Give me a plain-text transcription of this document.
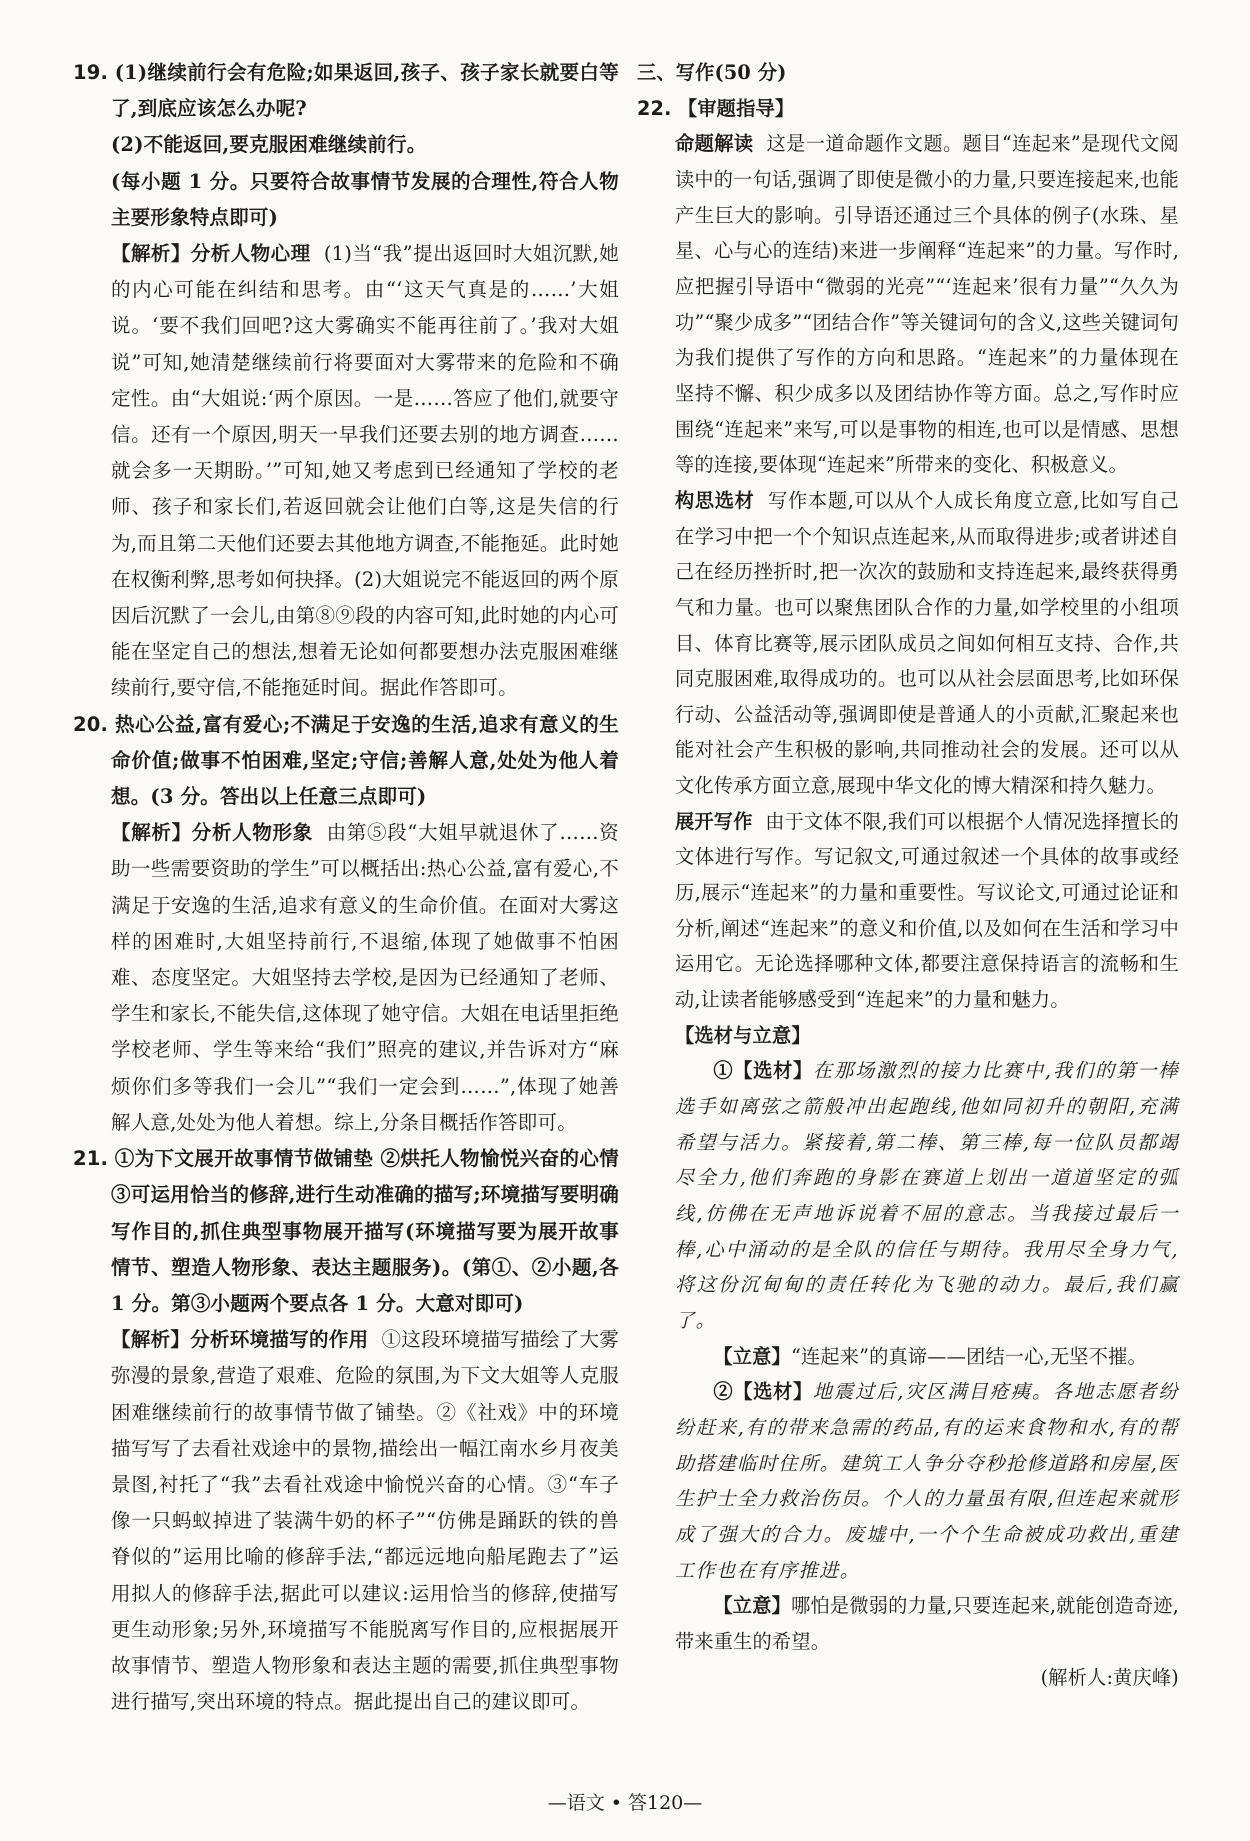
19. (1)继续前行会有危险;如果返回,孩子、孩子家长就要白等了,到底应该怎么办呢?

(2)不能返回,要克服困难继续前行。

(每小题 1 分。只要符合故事情节发展的合理性,符合人物主要形象特点即可)

【解析】分析人物心理 (1)当“我”提出返回时大姐沉默,她的内心可能在纠结和思考。由“‘这天气真是的……’大姐说。‘要不我们回吧?这大雾确实不能再往前了。’我对大姐说”可知,她清楚继续前行将要面对大雾带来的危险和不确定性。由“大姐说:‘两个原因。一是……答应了他们,就要守信。还有一个原因,明天一早我们还要去别的地方调查……就会多一天期盼。’”可知,她又考虑到已经通知了学校的老师、孩子和家长们,若返回就会让他们白等,这是失信的行为,而且第二天他们还要去其他地方调查,不能拖延。此时她在权衡利弊,思考如何抉择。(2)大姐说完不能返回的两个原因后沉默了一会儿,由第⑧⑨段的内容可知,此时她的内心可能在坚定自己的想法,想着无论如何都要想办法克服困难继续前行,要守信,不能拖延时间。据此作答即可。

20. 热心公益,富有爱心;不满足于安逸的生活,追求有意义的生命价值;做事不怕困难,坚定;守信;善解人意,处处为他人着想。(3 分。答出以上任意三点即可)

【解析】分析人物形象 由第⑤段“大姐早就退休了……资助一些需要资助的学生”可以概括出:热心公益,富有爱心,不满足于安逸的生活,追求有意义的生命价值。在面对大雾这样的困难时,大姐坚持前行,不退缩,体现了她做事不怕困难、态度坚定。大姐坚持去学校,是因为已经通知了老师、学生和家长,不能失信,这体现了她守信。大姐在电话里拒绝学校老师、学生等来给“我们”照亮的建议,并告诉对方“麻烦你们多等我们一会儿”“我们一定会到……”,体现了她善解人意,处处为他人着想。综上,分条目概括作答即可。

21. ①为下文展开故事情节做铺垫 ②烘托人物愉悦兴奋的心情 ③可运用恰当的修辞,进行生动准确的描写;环境描写要明确写作目的,抓住典型事物展开描写(环境描写要为展开故事情节、塑造人物形象、表达主题服务)。(第①、②小题,各 1 分。第③小题两个要点各 1 分。大意对即可)

【解析】分析环境描写的作用 ①这段环境描写描绘了大雾弥漫的景象,营造了艰难、危险的氛围,为下文大姐等人克服困难继续前行的故事情节做了铺垫。②《社戏》中的环境描写写了去看社戏途中的景物,描绘出一幅江南水乡月夜美景图,衬托了“我”去看社戏途中愉悦兴奋的心情。③“车子像一只蚂蚁掉进了装满牛奶的杯子”“仿佛是踊跃的铁的兽脊似的”运用比喻的修辞手法,“都远远地向船尾跑去了”运用拟人的修辞手法,据此可以建议:运用恰当的修辞,使描写更生动形象;另外,环境描写不能脱离写作目的,应根据展开故事情节、塑造人物形象和表达主题的需要,抓住典型事物进行描写,突出环境的特点。据此提出自己的建议即可。

三、写作(50 分)

22. 【审题指导】

命题解读 这是一道命题作文题。题目“连起来”是现代文阅读中的一句话,强调了即使是微小的力量,只要连接起来,也能产生巨大的影响。引导语还通过三个具体的例子(水珠、星星、心与心的连结)来进一步阐释“连起来”的力量。写作时,应把握引导语中“微弱的光亮”“‘连起来’很有力量”“久久为功”“聚少成多”“团结合作”等关键词句的含义,这些关键词句为我们提供了写作的方向和思路。“连起来”的力量体现在坚持不懈、积少成多以及团结协作等方面。总之,写作时应围绕“连起来”来写,可以是事物的相连,也可以是情感、思想等的连接,要体现“连起来”所带来的变化、积极意义。

构思选材 写作本题,可以从个人成长角度立意,比如写自己在学习中把一个个知识点连起来,从而取得进步;或者讲述自己在经历挫折时,把一次次的鼓励和支持连起来,最终获得勇气和力量。也可以聚焦团队合作的力量,如学校里的小组项目、体育比赛等,展示团队成员之间如何相互支持、合作,共同克服困难,取得成功的。也可以从社会层面思考,比如环保行动、公益活动等,强调即使是普通人的小贡献,汇聚起来也能对社会产生积极的影响,共同推动社会的发展。还可以从文化传承方面立意,展现中华文化的博大精深和持久魅力。

展开写作 由于文体不限,我们可以根据个人情况选择擅长的文体进行写作。写记叙文,可通过叙述一个具体的故事或经历,展示“连起来”的力量和重要性。写议论文,可通过论证和分析,阐述“连起来”的意义和价值,以及如何在生活和学习中运用它。无论选择哪种文体,都要注意保持语言的流畅和生动,让读者能够感受到“连起来”的力量和魅力。

【选材与立意】

①【选材】在那场激烈的接力比赛中,我们的第一棒选手如离弦之箭般冲出起跑线,他如同初升的朝阳,充满希望与活力。紧接着,第二棒、第三棒,每一位队员都竭尽全力,他们奔跑的身影在赛道上划出一道道坚定的弧线,仿佛在无声地诉说着不屈的意志。当我接过最后一棒,心中涌动的是全队的信任与期待。我用尽全身力气,将这份沉甸甸的责任转化为飞驰的动力。最后,我们赢了。

【立意】“连起来”的真谛——团结一心,无坚不摧。

②【选材】地震过后,灾区满目疮痍。各地志愿者纷纷赶来,有的带来急需的药品,有的运来食物和水,有的帮助搭建临时住所。建筑工人争分夺秒抢修道路和房屋,医生护士全力救治伤员。个人的力量虽有限,但连起来就形成了强大的合力。废墟中,一个个生命被成功救出,重建工作也在有序推进。

【立意】哪怕是微弱的力量,只要连起来,就能创造奇迹,带来重生的希望。

(解析人:黄庆峰)

—语文 • 答120—
